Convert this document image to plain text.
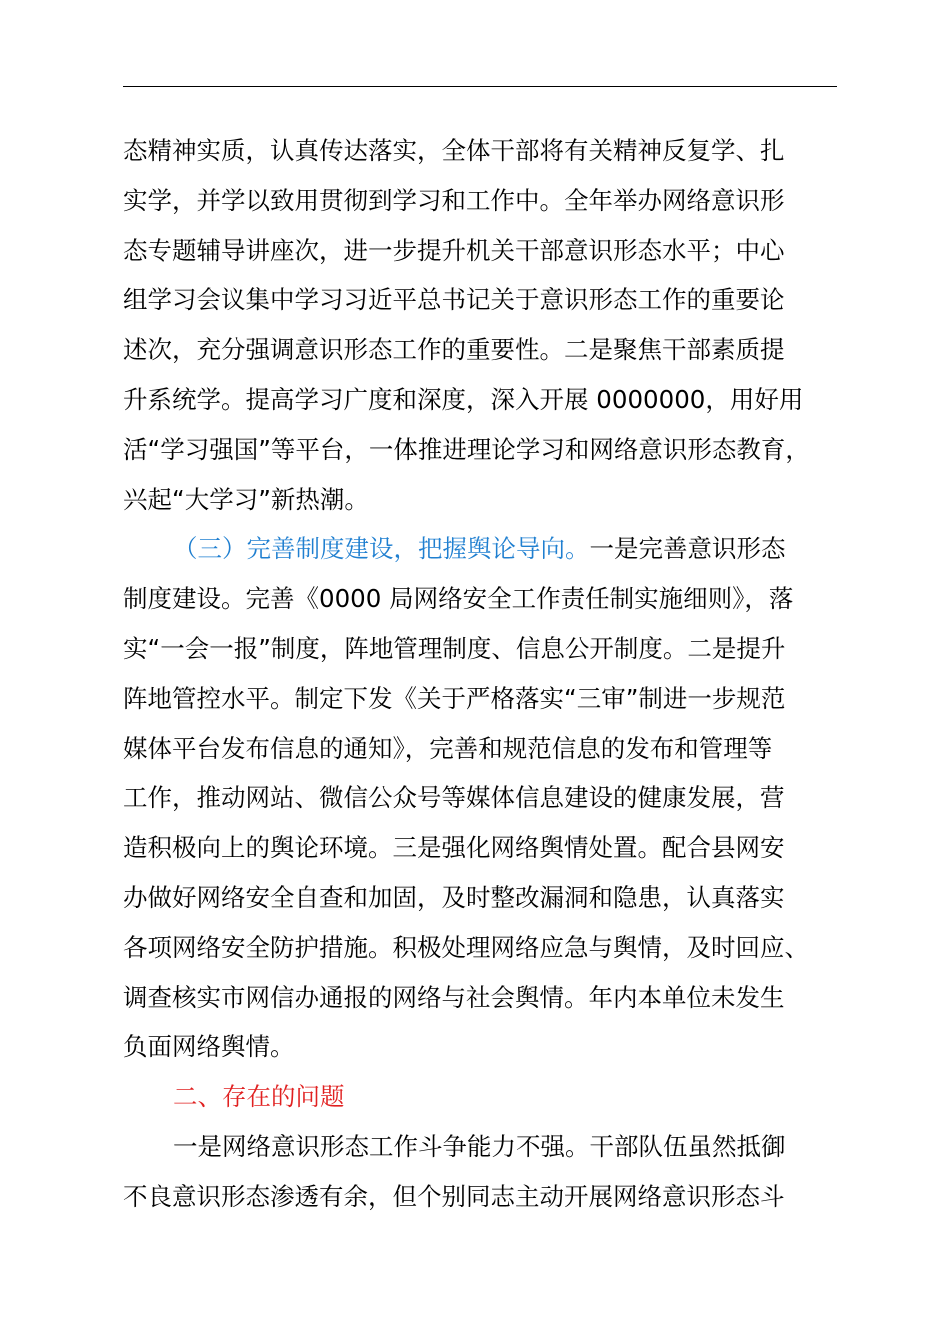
态精神实质，认真传达落实，全体干部将有关精神反复学、扎
实学，并学以致用贯彻到学习和工作中。全年举办网络意识形
态专题辅导讲座次，进一步提升机关干部意识形态水平；中心
组学习会议集中学习习近平总书记关于意识形态工作的重要论
述次，充分强调意识形态工作的重要性。二是聚焦干部素质提
升系统学。提高学习广度和深度，深入开展 0000000，用好用
活“学习强国”等平台，一体推进理论学习和网络意识形态教育，
兴起“大学习”新热潮。
（三）完善制度建设，把握舆论导向。一是完善意识形态
制度建设。完善《0000 局网络安全工作责任制实施细则》，落
实“一会一报”制度，阵地管理制度、信息公开制度。二是提升
阵地管控水平。制定下发《关于严格落实“三审”制进一步规范
媒体平台发布信息的通知》，完善和规范信息的发布和管理等
工作，推动网站、微信公众号等媒体信息建设的健康发展，营
造积极向上的舆论环境。三是强化网络舆情处置。配合县网安
办做好网络安全自查和加固，及时整改漏洞和隐患，认真落实
各项网络安全防护措施。积极处理网络应急与舆情，及时回应、
调查核实市网信办通报的网络与社会舆情。年内本单位未发生
负面网络舆情。
二、存在的问题
一是网络意识形态工作斗争能力不强。干部队伍虽然抵御
不良意识形态渗透有余，但个别同志主动开展网络意识形态斗
